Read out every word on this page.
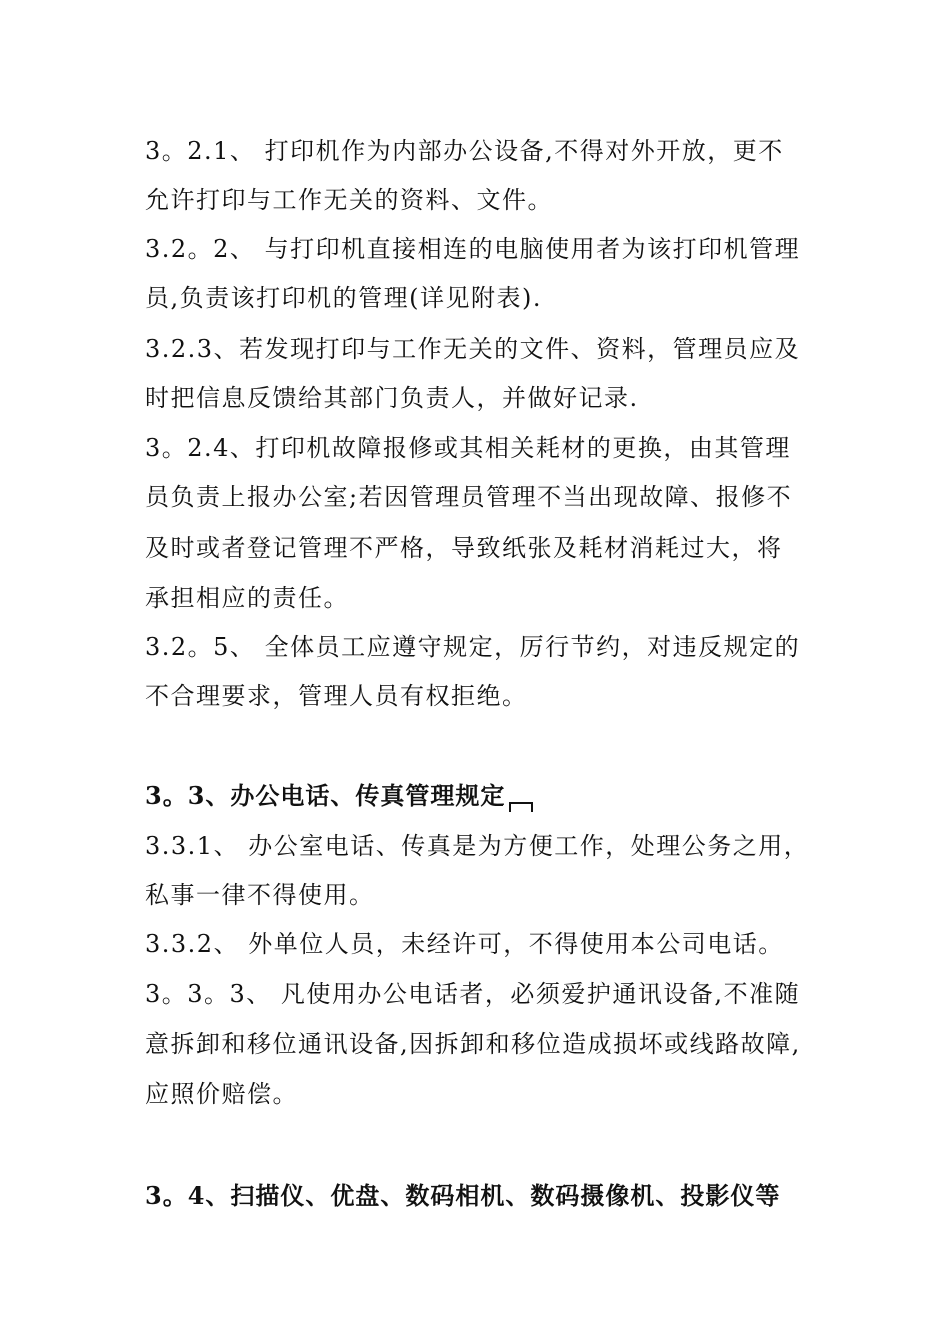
3。2.1、 打印机作为内部办公设备,不得对外开放，更不
允许打印与工作无关的资料、文件。
3.2。2、 与打印机直接相连的电脑使用者为该打印机管理
员,负责该打印机的管理(详见附表).
3.2.3、若发现打印与工作无关的文件、资料，管理员应及
时把信息反馈给其部门负责人，并做好记录.
3。2.4、打印机故障报修或其相关耗材的更换，由其管理
员负责上报办公室;若因管理员管理不当出现故障、报修不
及时或者登记管理不严格，导致纸张及耗材消耗过大，将
承担相应的责任。
3.2。5、 全体员工应遵守规定，厉行节约，对违反规定的
不合理要求，管理人员有权拒绝。
3。3、办公电话、传真管理规定
3.3.1、 办公室电话、传真是为方便工作，处理公务之用，
私事一律不得使用。
3.3.2、 外单位人员，未经许可，不得使用本公司电话。
3。3。3、 凡使用办公电话者，必须爱护通讯设备,不准随
意拆卸和移位通讯设备,因拆卸和移位造成损坏或线路故障,
应照价赔偿。
3。4、扫描仪、优盘、数码相机、数码摄像机、投影仪等
